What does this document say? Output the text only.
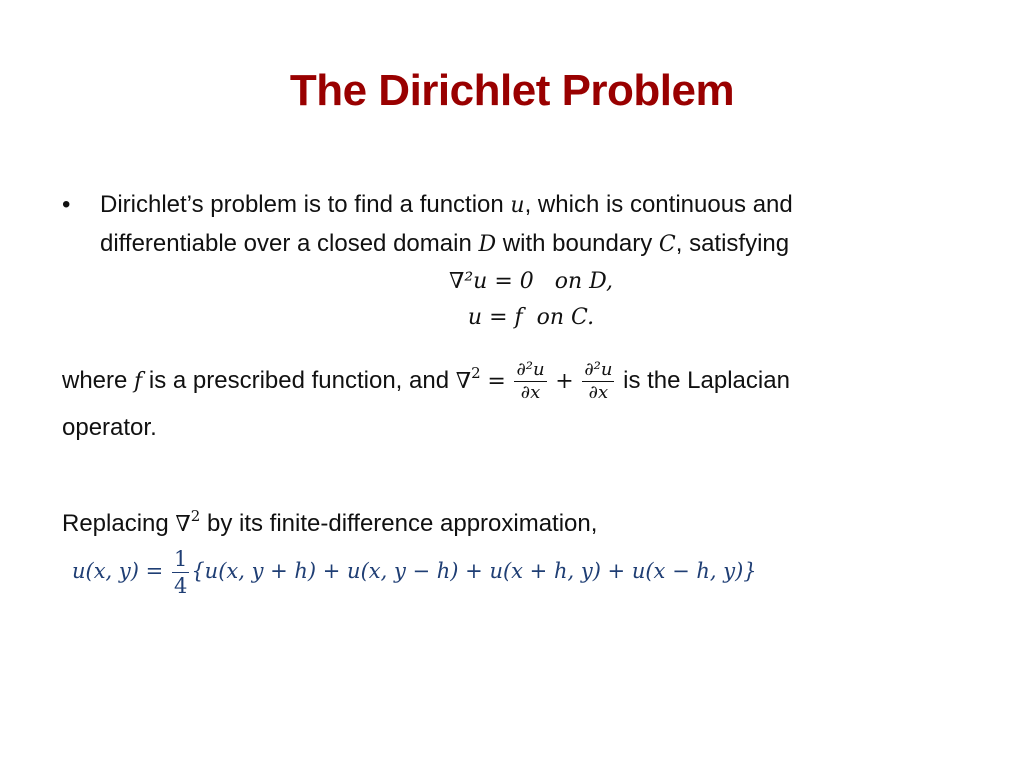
The Dirichlet Problem
• Dirichlet’s problem is to find a function u, which is continuous and
differentiable over a closed domain D with boundary C, satisfying
∇²u = 0   on D,
u = f  on C.
where f is a prescribed function, and $\nabla^2 = \frac{\text{∂²u}}{\partial x} + \frac{\text{∂²u}}{\partial x}$ is the Laplacian
operator.
Replacing ∇$^2$ by its finite-difference approximation,
u(x, $y) = \frac{1}{4} \{u(x$, y + h) + u(x, y − h) + u(x + h, y) + u(x − h, y)}
